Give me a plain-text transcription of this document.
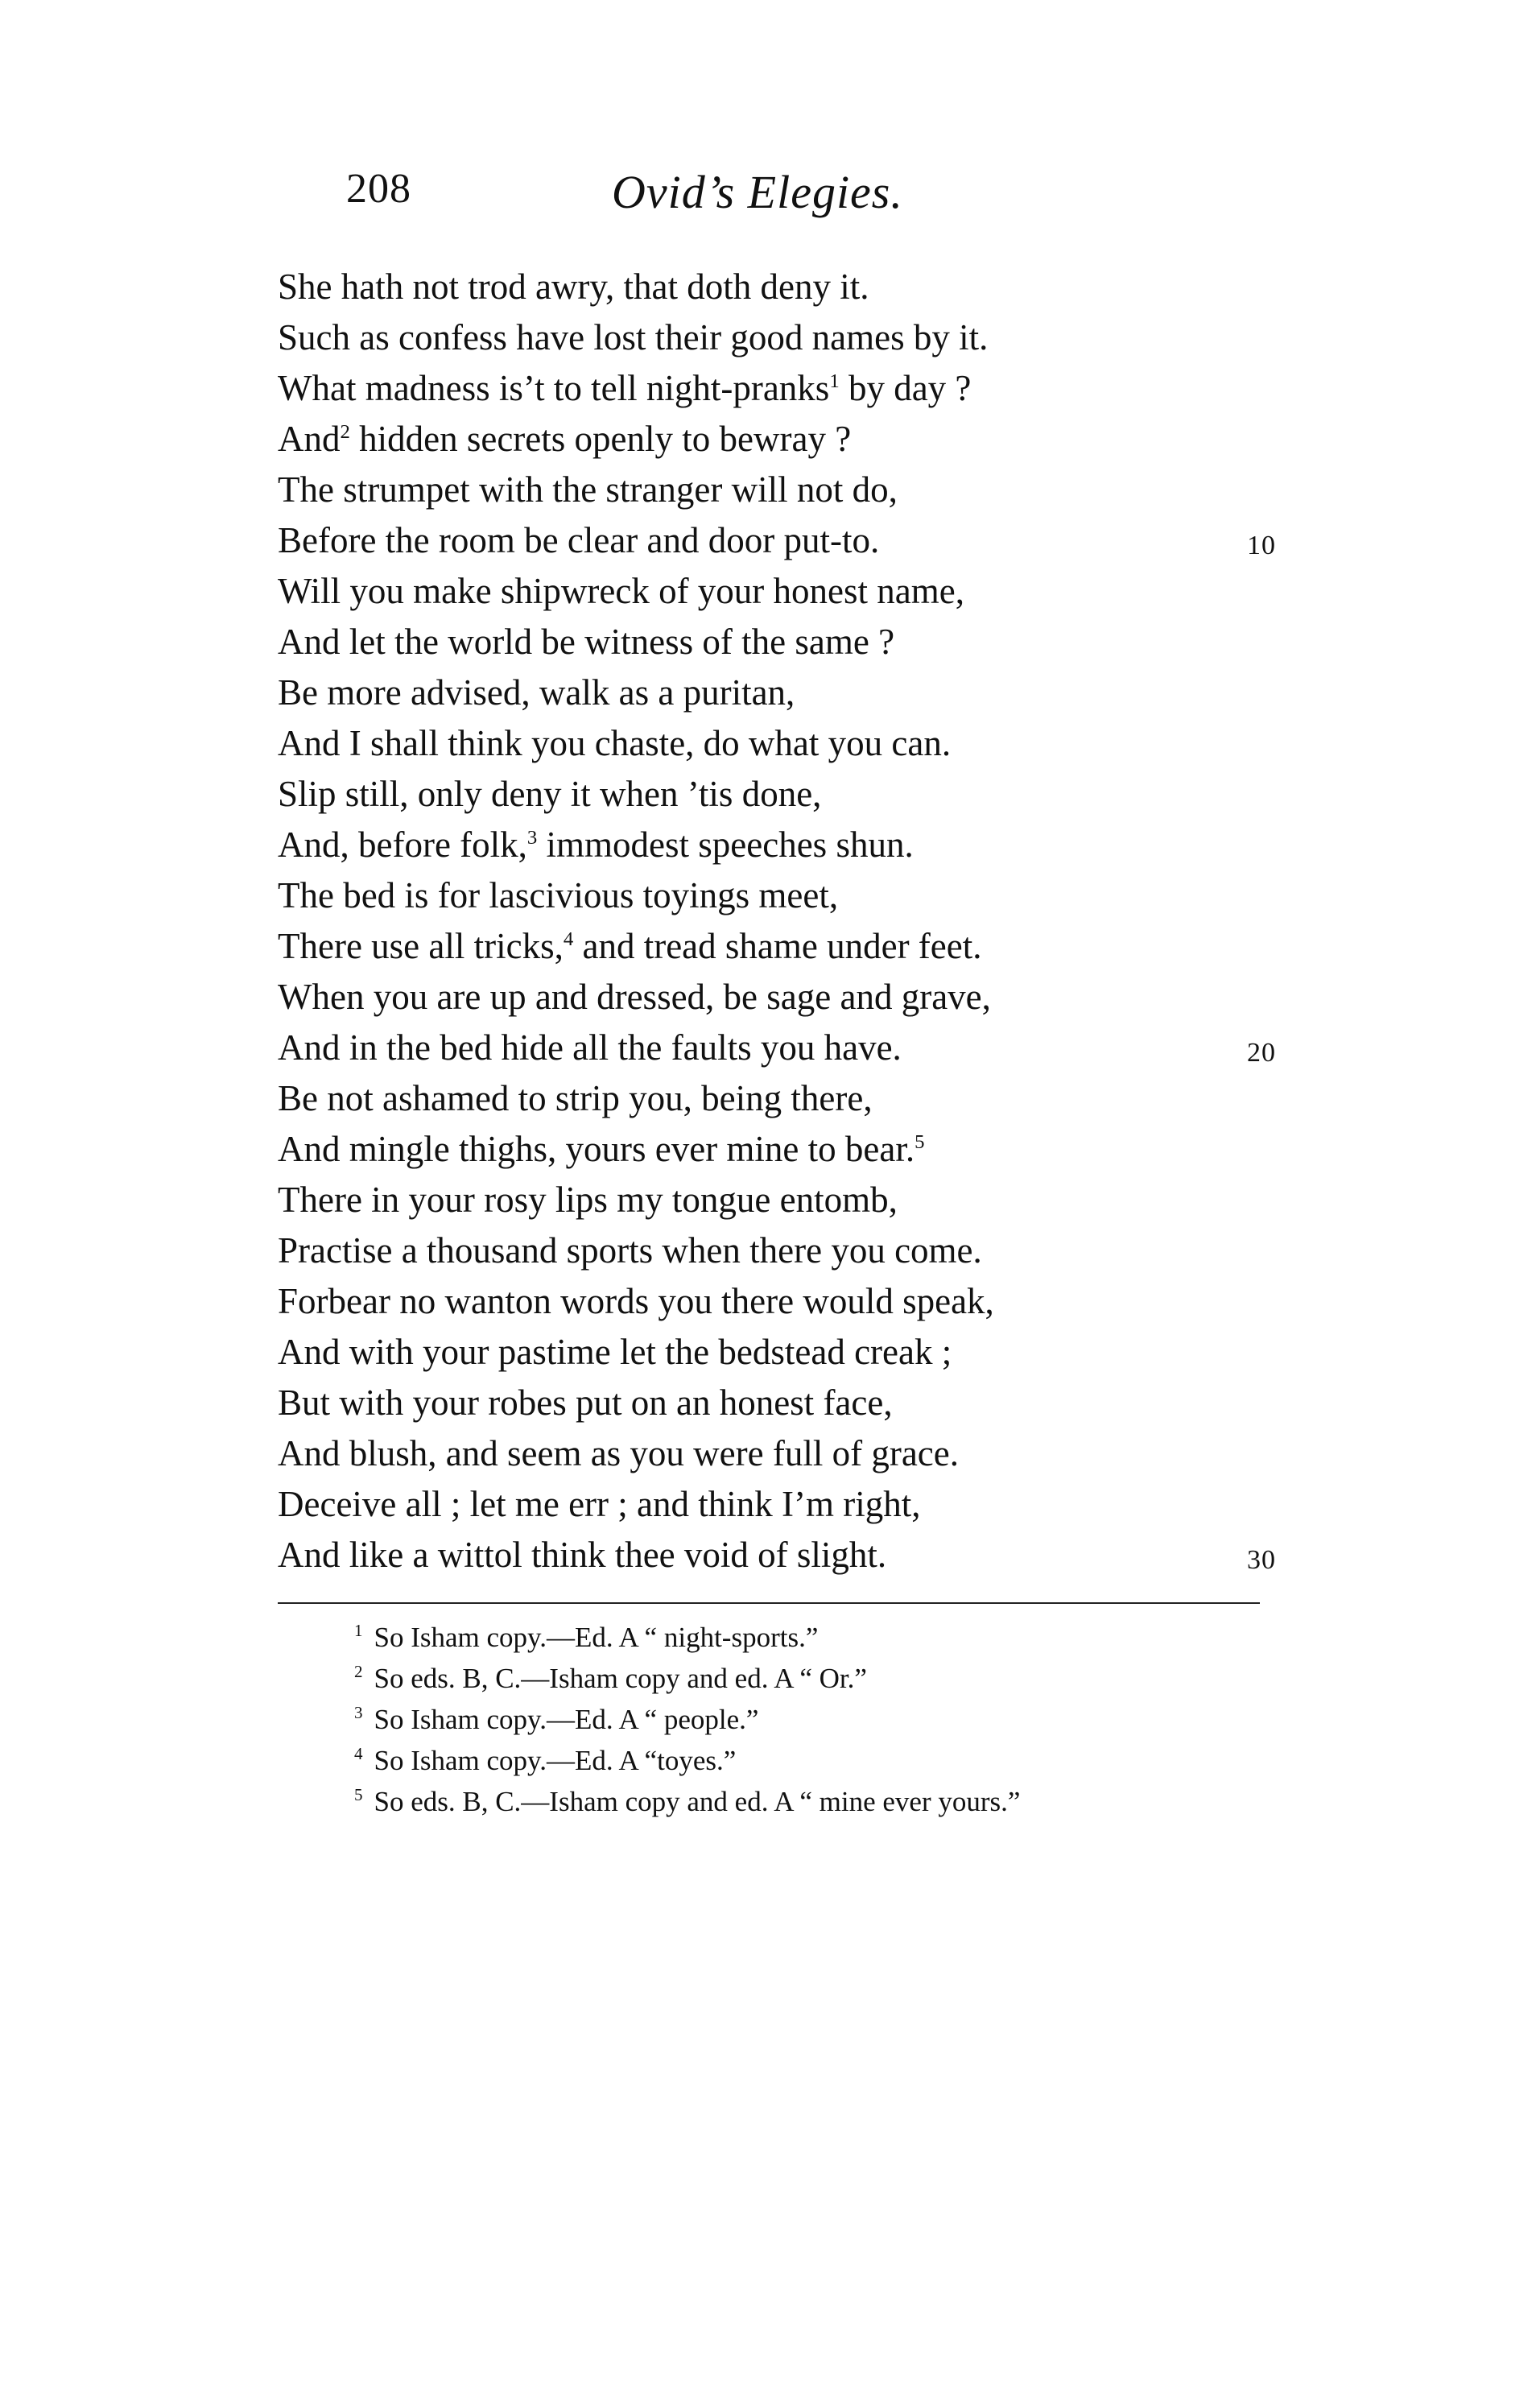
208	Ovid’s Elegies.
She hath not trod awry, that doth deny it.
Such as confess have lost their good names by it.
What madness is’t to tell night-pranks$^1$ by day ?
And$^2$ hidden secrets openly to bewray ?
The strumpet with the stranger will not do,
Before the room be clear and door put-to.	10
Will you make shipwreck of your honest name,
And let the world be witness of the same ?
Be more advised, walk as a puritan,
And I shall think you chaste, do what you can.
Slip still, only deny it when ’tis done,
And, before folk,$^3$ immodest speeches shun.
The bed is for lascivious toyings meet,
There use all tricks,$^4$ and tread shame under feet.
When you are up and dressed, be sage and grave,
And in the bed hide all the faults you have.	20
Be not ashamed to strip you, being there,
And mingle thighs, yours ever mine to bear.$^5$
There in your rosy lips my tongue entomb,
Practise a thousand sports when there you come.
Forbear no wanton words you there would speak,
And with your pastime let the bedstead creak ;
But with your robes put on an honest face,
And blush, and seem as you were full of grace.
Deceive all ; let me err ; and think I’m right,
And like a wittol think thee void of slight.	30
$^1$ So Isham copy.—Ed. A “ night-sports.”
$^2$ So eds. B, C.—Isham copy and ed. A “ Or.”
$^3$ So Isham copy.—Ed. A “ people.”
$^4$ So Isham copy.—Ed. A “toyes.”
$^5$ So eds. B, C.—Isham copy and ed. A “ mine ever yours.”
